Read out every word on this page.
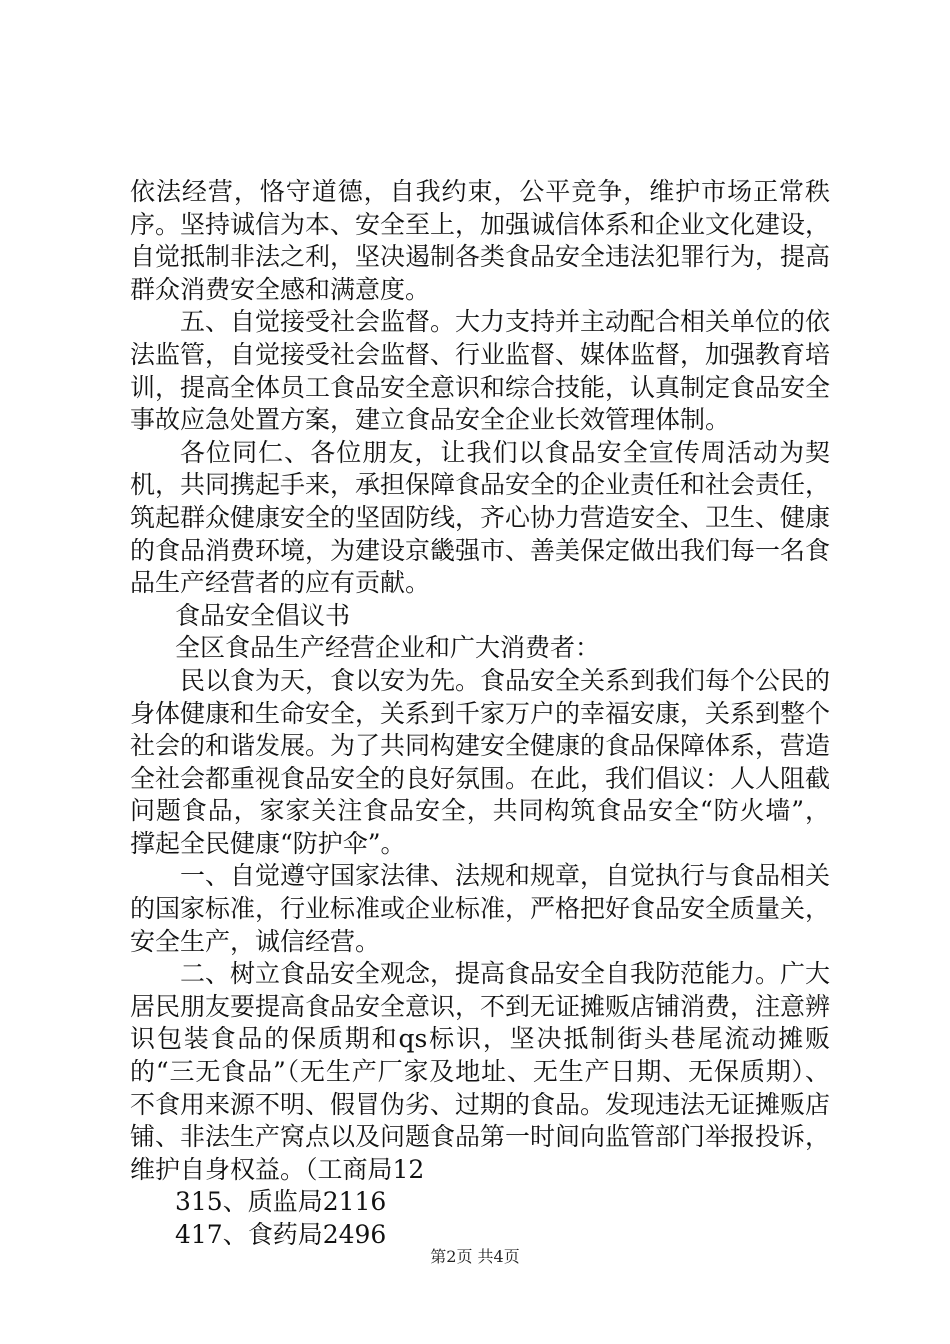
依法经营，恪守道德，自我约束，公平竞争，维护市场正常秩序。坚持诚信为本、安全至上，加强诚信体系和企业文化建设，自觉抵制非法之利，坚决遏制各类食品安全违法犯罪行为，提高群众消费安全感和满意度。

五、自觉接受社会监督。大力支持并主动配合相关单位的依法监管，自觉接受社会监督、行业监督、媒体监督，加强教育培训，提高全体员工食品安全意识和综合技能，认真制定食品安全事故应急处置方案，建立食品安全企业长效管理体制。

各位同仁、各位朋友，让我们以食品安全宣传周活动为契机，共同携起手来，承担保障食品安全的企业责任和社会责任，筑起群众健康安全的坚固防线，齐心协力营造安全、卫生、健康的食品消费环境，为建设京畿强市、善美保定做出我们每一名食品生产经营者的应有贡献。

食品安全倡议书

全区食品生产经营企业和广大消费者：

民以食为天，食以安为先。食品安全关系到我们每个公民的身体健康和生命安全，关系到千家万户的幸福安康，关系到整个社会的和谐发展。为了共同构建安全健康的食品保障体系，营造全社会都重视食品安全的良好氛围。在此，我们倡议：人人阻截问题食品，家家关注食品安全，共同构筑食品安全“防火墙”，撑起全民健康“防护伞”。

一、自觉遵守国家法律、法规和规章，自觉执行与食品相关的国家标准，行业标准或企业标准，严格把好食品安全质量关，安全生产，诚信经营。

二、树立食品安全观念，提高食品安全自我防范能力。广大居民朋友要提高食品安全意识，不到无证摊贩店铺消费，注意辨识包装食品的保质期和qs标识，坚决抵制街头巷尾流动摊贩的“三无食品”（无生产厂家及地址、无生产日期、无保质期）、不食用来源不明、假冒伪劣、过期的食品。发现违法无证摊贩店铺、非法生产窝点以及问题食品第一时间向监管部门举报投诉，维护自身权益。（工商局12

315、质监局2116

417、食药局2496

第2页 共4页
